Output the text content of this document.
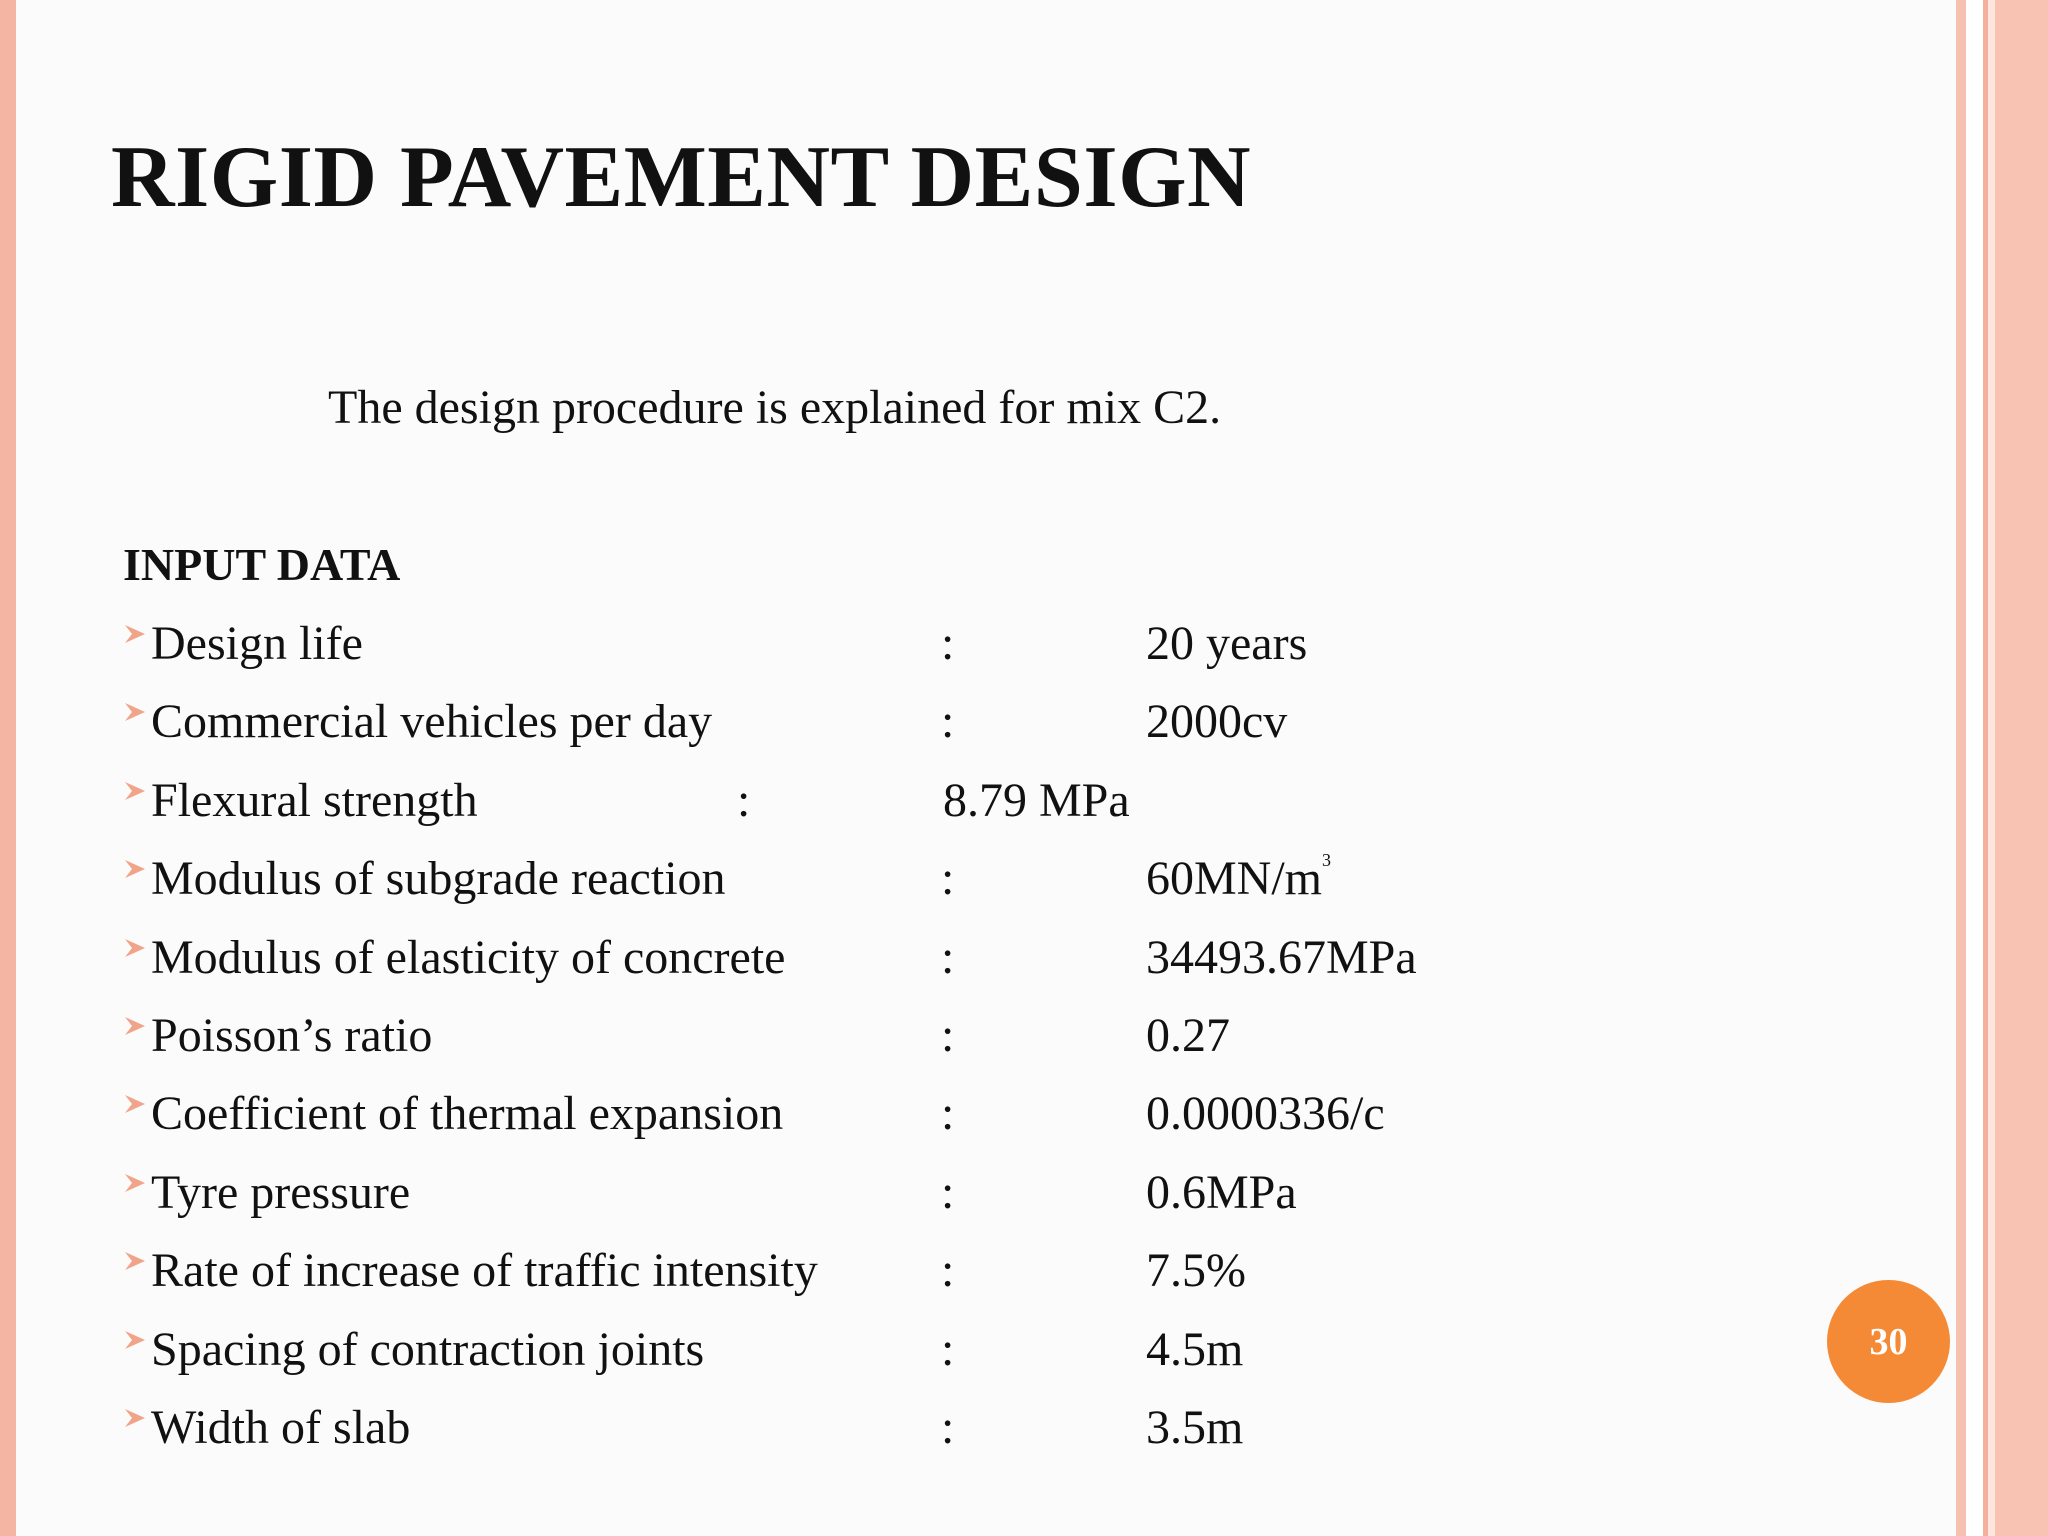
RIGID PAVEMENT DESIGN
The design procedure is explained for mix C2.
INPUT DATA
Design life	:	20 years
Commercial vehicles per day	:	2000cv
Flexural strength	:	8.79 MPa
Modulus of subgrade reaction	:	$60MN/m^3$
Modulus of elasticity of concrete	:	34493.67MPa
Poisson’s ratio	:	0.27
Coefficient of thermal expansion	:	0.0000336/c
Tyre pressure	:	0.6MPa
Rate of increase of traffic intensity	:	7.5%
Spacing of contraction joints	:	4.5m
Width of slab	:	3.5m
30
